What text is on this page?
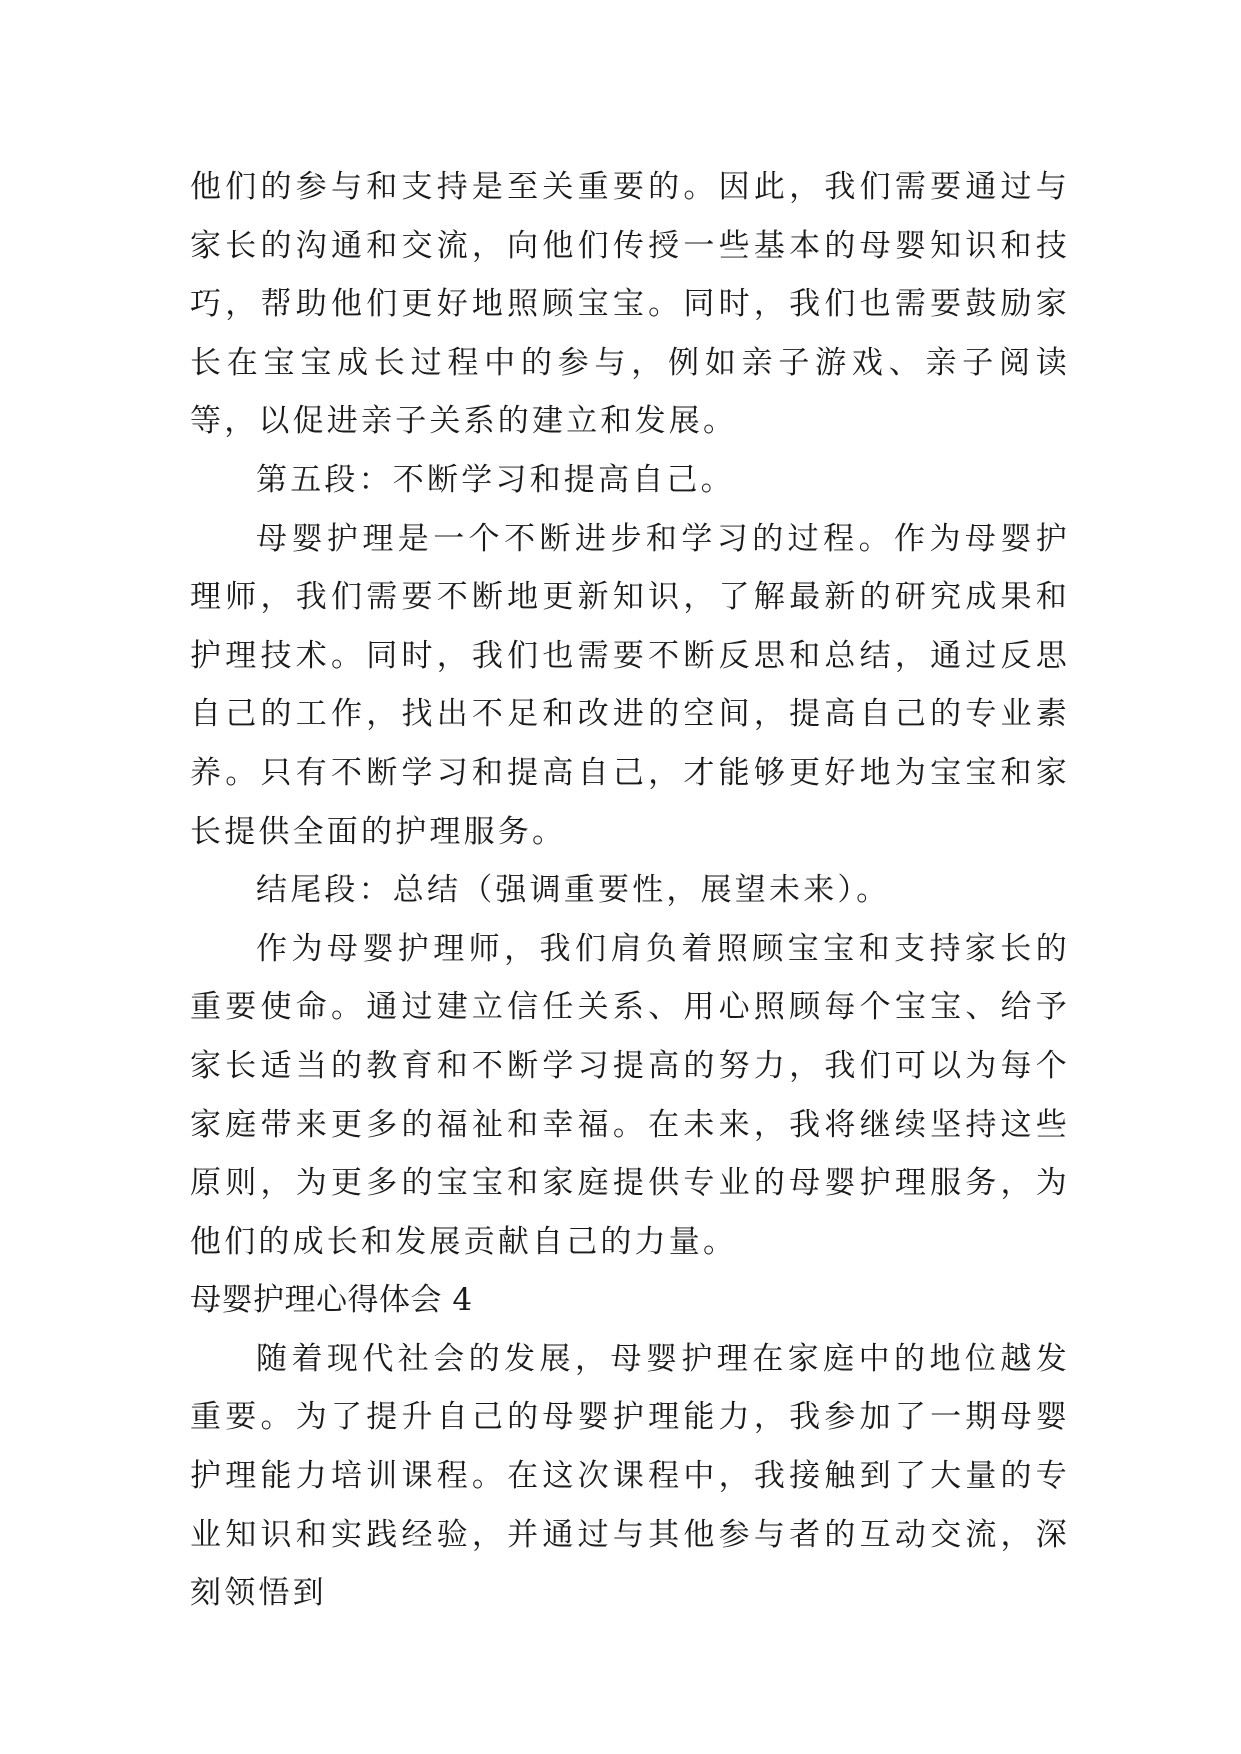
他们的参与和支持是至关重要的。因此，我们需要通过与家长的沟通和交流，向他们传授一些基本的母婴知识和技巧，帮助他们更好地照顾宝宝。同时，我们也需要鼓励家长在宝宝成长过程中的参与，例如亲子游戏、亲子阅读等，以促进亲子关系的建立和发展。

第五段：不断学习和提高自己。

母婴护理是一个不断进步和学习的过程。作为母婴护理师，我们需要不断地更新知识，了解最新的研究成果和护理技术。同时，我们也需要不断反思和总结，通过反思自己的工作，找出不足和改进的空间，提高自己的专业素养。只有不断学习和提高自己，才能够更好地为宝宝和家长提供全面的护理服务。

结尾段：总结（强调重要性，展望未来）。

作为母婴护理师，我们肩负着照顾宝宝和支持家长的重要使命。通过建立信任关系、用心照顾每个宝宝、给予家长适当的教育和不断学习提高的努力，我们可以为每个家庭带来更多的福祉和幸福。在未来，我将继续坚持这些原则，为更多的宝宝和家庭提供专业的母婴护理服务，为他们的成长和发展贡献自己的力量。

母婴护理心得体会 4

随着现代社会的发展，母婴护理在家庭中的地位越发重要。为了提升自己的母婴护理能力，我参加了一期母婴护理能力培训课程。在这次课程中，我接触到了大量的专业知识和实践经验，并通过与其他参与者的互动交流，深刻领悟到
